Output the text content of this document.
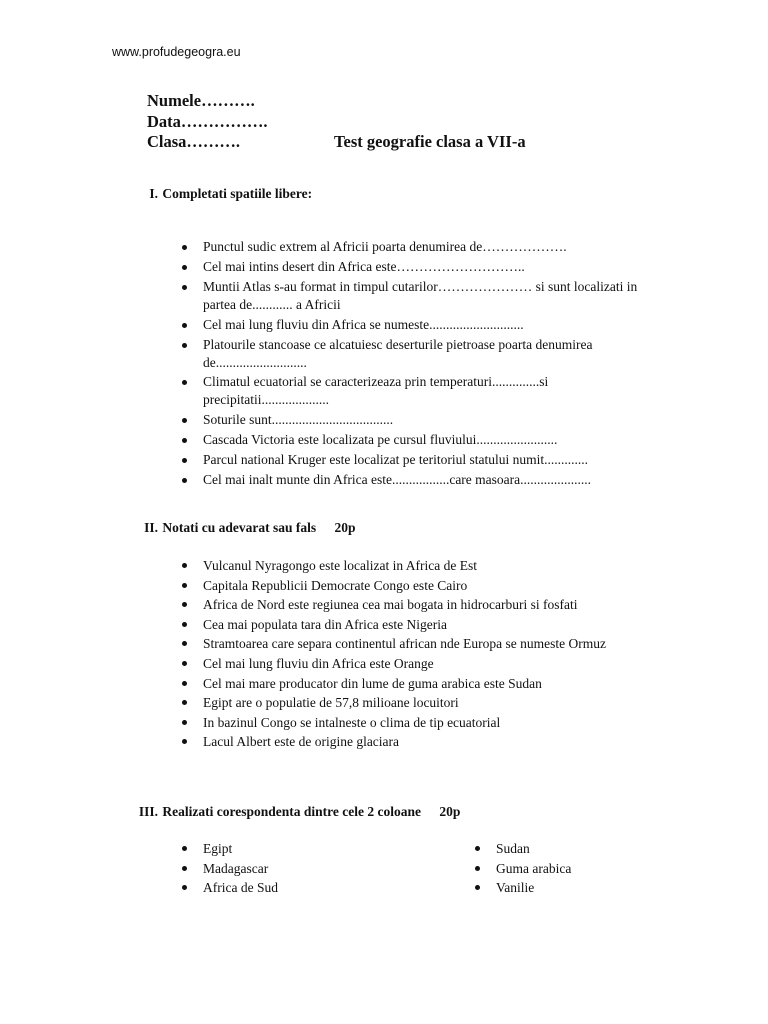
www.profudegeogra.eu
Numele……….
Data…………….
Clasa……….	Test geografie clasa a VII-a
I. Completati spatiile libere:
Punctul sudic extrem al Africii poarta denumirea de……………….
Cel mai intins desert din Africa este………………………..
Muntii Atlas s-au format in timpul cutarilor………………… si sunt localizati in partea de............ a Africii
Cel mai lung fluviu din Africa se numeste............................
Platourile stancoase ce alcatuiesc deserturile pietroase poarta denumirea de...........................
Climatul ecuatorial se caracterizeaza prin temperaturi..............si precipitatii....................
Soturile sunt....................................
Cascada Victoria este localizata pe cursul fluviului........................
Parcul national Kruger este localizat pe teritoriul statului numit.............
Cel mai inalt munte din Africa este.................care masoara.....................
II. Notati cu adevarat sau fals 20p
Vulcanul Nyragongo este localizat in Africa de Est
Capitala Republicii Democrate Congo este Cairo
Africa de Nord este regiunea cea mai bogata in hidrocarburi si fosfati
Cea mai populata tara din Africa este Nigeria
Stramtoarea care separa continentul african nde Europa se numeste Ormuz
Cel mai lung fluviu din Africa este Orange
Cel mai mare producator din lume de guma arabica este Sudan
Egipt are o populatie de 57,8 milioane locuitori
In bazinul Congo se intalneste o clima de tip ecuatorial
Lacul Albert este de origine glaciara
III. Realizati corespondenta dintre cele 2 coloane 20p
Egipt
Madagascar
Africa de Sud
Sudan
Guma arabica
Vanilie
